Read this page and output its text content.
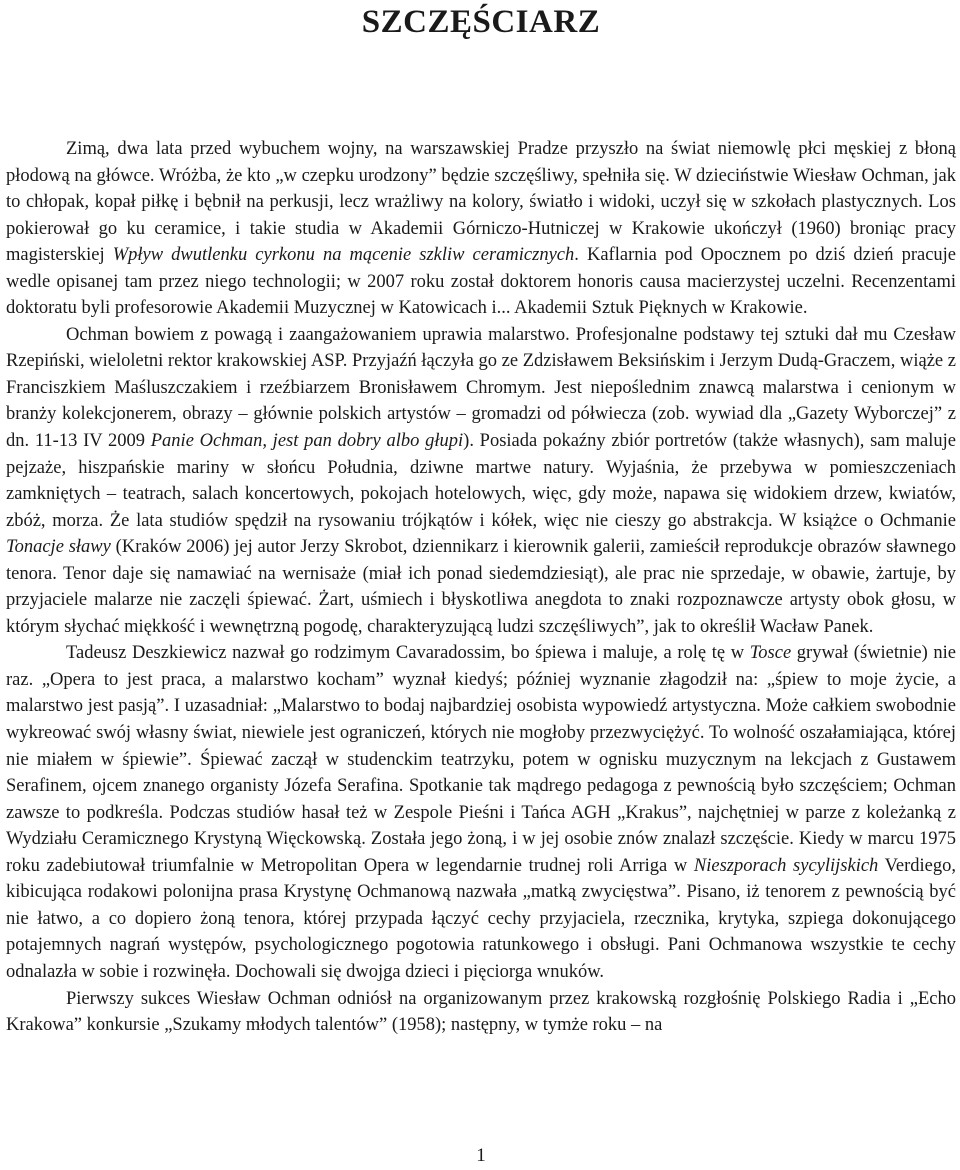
SZCZĘŚCIARZ

Zimą, dwa lata przed wybuchem wojny, na warszawskiej Pradze przyszło na świat niemowlę płci męskiej z błoną płodową na główce. Wróżba, że kto „w czepku urodzony” będzie szczęśliwy, spełniła się. W dzieciństwie Wiesław Ochman, jak to chłopak, kopał piłkę i bębnił na perkusji, lecz wrażliwy na kolory, światło i widoki, uczył się w szkołach plastycznych. Los pokierował go ku ceramice, i takie studia w Akademii Górniczo-Hutniczej w Krakowie ukończył (1960) broniąc pracy magisterskiej Wpływ dwutlenku cyrkonu na mącenie szkliw ceramicznych. Kaflarnia pod Opocznem po dziś dzień pracuje wedle opisanej tam przez niego technologii; w 2007 roku został doktorem honoris causa macierzystej uczelni. Recenzentami doktoratu byli profesorowie Akademii Muzycznej w Katowicach i... Akademii Sztuk Pięknych w Krakowie.

Ochman bowiem z powagą i zaangażowaniem uprawia malarstwo. Profesjonalne podstawy tej sztuki dał mu Czesław Rzepiński, wieloletni rektor krakowskiej ASP. Przyjaźń łączyła go ze Zdzisławem Beksińskim i Jerzym Dudą-Graczem, wiąże z Franciszkiem Maśluszczakiem i rzeźbiarzem Bronisławem Chromym. Jest niepoślednim znawcą malarstwa i cenionym w branży kolekcjonerem, obrazy – głównie polskich artystów – gromadzi od półwiecza (zob. wywiad dla „Gazety Wyborczej” z dn. 11-13 IV 2009 Panie Ochman, jest pan dobry albo głupi). Posiada pokaźny zbiór portretów (także własnych), sam maluje pejzaże, hiszpańskie mariny w słońcu Południa, dziwne martwe natury. Wyjaśnia, że przebywa w pomieszczeniach zamkniętych – teatrach, salach koncertowych, pokojach hotelowych, więc, gdy może, napawa się widokiem drzew, kwiatów, zbóż, morza. Że lata studiów spędził na rysowaniu trójkątów i kółek, więc nie cieszy go abstrakcja. W książce o Ochmanie Tonacje sławy (Kraków 2006) jej autor Jerzy Skrobot, dziennikarz i kierownik galerii, zamieścił reprodukcje obrazów sławnego tenora. Tenor daje się namawiać na wernisaże (miał ich ponad siedemdziesiąt), ale prac nie sprzedaje, w obawie, żartuje, by przyjaciele malarze nie zaczęli śpiewać. Żart, uśmiech i błyskotliwa anegdota to znaki rozpoznawcze artysty obok głosu, w którym słychać miękkość i wewnętrzną pogodę, charakteryzującą ludzi szczęśliwych”, jak to określił Wacław Panek.

Tadeusz Deszkiewicz nazwał go rodzimym Cavaradossim, bo śpiewa i maluje, a rolę tę w Tosce grywał (świetnie) nie raz. „Opera to jest praca, a malarstwo kocham” wyznał kiedyś; później wyznanie złagodził na: „śpiew to moje życie, a malarstwo jest pasją”. I uzasadniał: „Malarstwo to bodaj najbardziej osobista wypowiedź artystyczna. Może całkiem swobodnie wykreować swój własny świat, niewiele jest ograniczeń, których nie mogłoby przezwyciężyć. To wolność oszałamiająca, której nie miałem w śpiewie”. Śpiewać zaczął w studenckim teatrzyku, potem w ognisku muzycznym na lekcjach z Gustawem Serafinem, ojcem znanego organisty Józefa Serafina. Spotkanie tak mądrego pedagoga z pewnością było szczęściem; Ochman zawsze to podkreśla. Podczas studiów hasał też w Zespole Pieśni i Tańca AGH „Krakus”, najchętniej w parze z koleżanką z Wydziału Ceramicznego Krystyną Więckowską. Została jego żoną, i w jej osobie znów znalazł szczęście. Kiedy w marcu 1975 roku zadebiutował triumfalnie w Metropolitan Opera w legendarnie trudnej roli Arriga w Nieszporach sycylijskich Verdiego, kibicująca rodakowi polonijna prasa Krystynę Ochmanową nazwała „matką zwycięstwa”. Pisano, iż tenorem z pewnością być nie łatwo, a co dopiero żoną tenora, której przypada łączyć cechy przyjaciela, rzecznika, krytyka, szpiega dokonującego potajemnych nagrań występów, psychologicznego pogotowia ratunkowego i obsługi. Pani Ochmanowa wszystkie te cechy odnalazła w sobie i rozwinęła. Dochowali się dwojga dzieci i pięciorga wnuków.

Pierwszy sukces Wiesław Ochman odniósł na organizowanym przez krakowską rozgłośnię Polskiego Radia i „Echo Krakowa” konkursie „Szukamy młodych talentów” (1958); następny, w tymże roku – na

1
